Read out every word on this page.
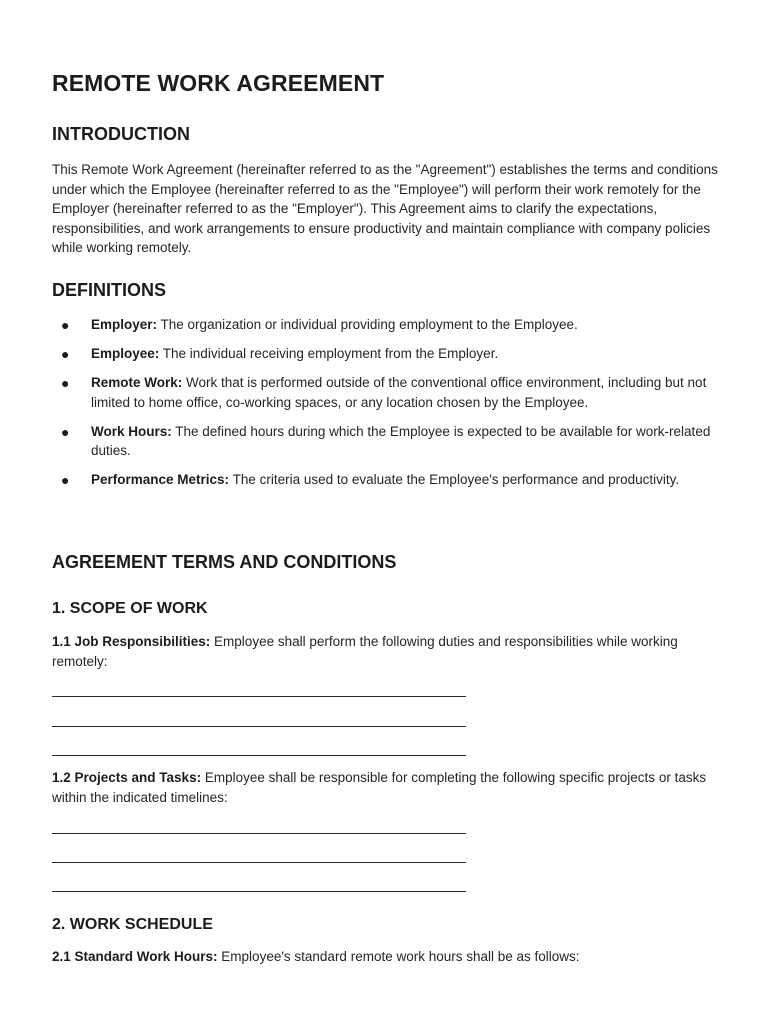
REMOTE WORK AGREEMENT
INTRODUCTION

This Remote Work Agreement (hereinafter referred to as the "Agreement") establishes the terms and conditions under which the Employee (hereinafter referred to as the "Employee") will perform their work remotely for the Employer (hereinafter referred to as the "Employer"). This Agreement aims to clarify the expectations, responsibilities, and work arrangements to ensure productivity and maintain compliance with company policies while working remotely.

DEFINITIONS
● Employer: The organization or individual providing employment to the Employee.
● Employee: The individual receiving employment from the Employer.
● Remote Work: Work that is performed outside of the conventional office environment, including but not limited to home office, co-working spaces, or any location chosen by the Employee.
● Work Hours: The defined hours during which the Employee is expected to be available for work-related duties.
● Performance Metrics: The criteria used to evaluate the Employee's performance and productivity.
AGREEMENT TERMS AND CONDITIONS
1. SCOPE OF WORK

1.1 Job Responsibilities: Employee shall perform the following duties and responsibilities while working remotely:

1.2 Projects and Tasks: Employee shall be responsible for completing the following specific projects or tasks within the indicated timelines:

2. WORK SCHEDULE

2.1 Standard Work Hours: Employee's standard remote work hours shall be as follows:
